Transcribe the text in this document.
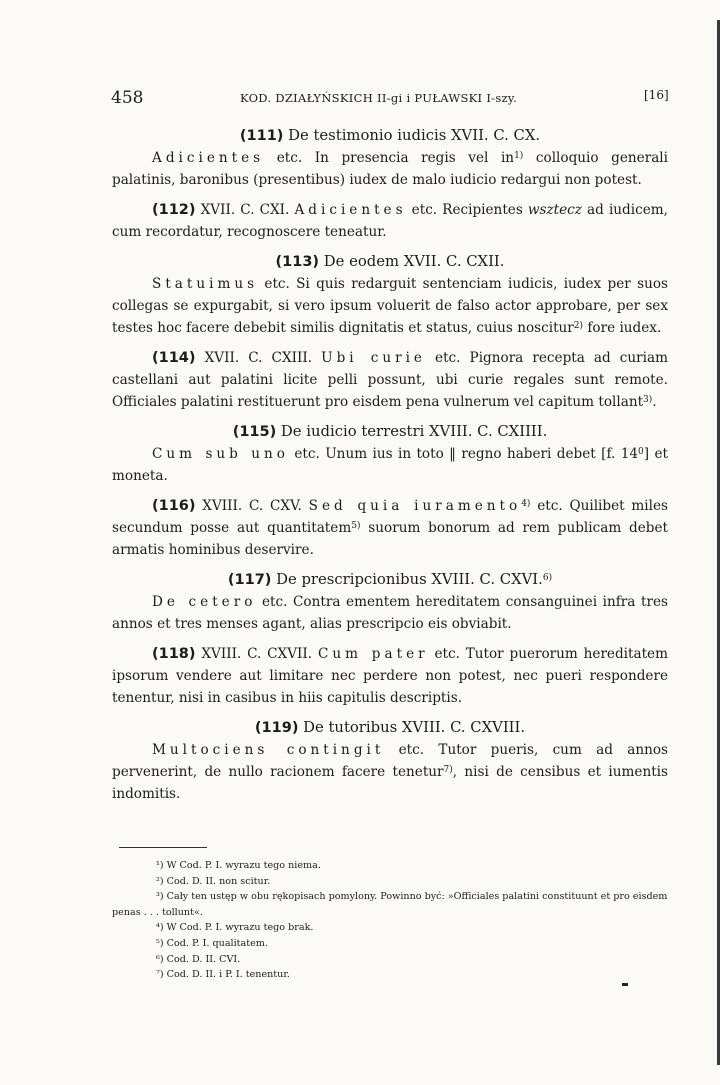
458	KOD. DZIAŁYŃSKICH II-gi i PUŁAWSKI I-szy.	[16]

(111) De testimonio iudicis XVII. C. CX.

Adicientes etc. In presencia regis vel $in^{1)}$ colloquio generali palatinis, baronibus (presentibus) iudex de malo iudicio redargui non potest.

(112) XVII. C. CXI. Adicientes etc. Recipientes wsztecz ad iudicem, cum recordatur, recognoscere teneatur.

(113) De eodem XVII. C. CXII.

Statuimus etc. Si quis redarguit sentenciam iudicis, iudex per suos collegas se expurgabit, si vero ipsum voluerit de falso actor approbare, per sex testes hoc facere debebit similis dignitatis et status, cuius noscitur$^{2)}$ fore iudex.

(114) XVII. C. CXIII. Ubi curie etc. Pignora recepta ad curiam castellani aut palatini licite pelli possunt, ubi curie regales sunt remote. Officiales palatini restituerunt pro eisdem pena vulnerum vel capitum tollant$^{3)}$.

(115) De iudicio terrestri XVIII. C. CXIIII.

Cum sub uno etc. Unum ius in toto ‖ regno haberi debet [f. $14^0$] et moneta.

(116) XVIII. C. CXV. Sed quia iuramento$^{4)}$ etc. Quilibet miles secundum posse aut quantitatem$^{5)}$ suorum bonorum ad rem publicam debet armatis hominibus deservire.

(117) De prescripcionibus XVIII. C. CXVI.$^{6)}$

De cetero etc. Contra ementem hereditatem consanguinei infra tres annos et tres menses agant, alias prescripcio eis obviabit.

(118) XVIII. C. CXVII. Cum pater etc. Tutor puerorum hereditatem ipsorum vendere aut limitare nec perdere non potest, nec pueri respondere tenentur, nisi in casibus in hiis capitulis descriptis.

(119) De tutoribus XVIII. C. CXVIII.

Multociens contingit etc. Tutor pueris, cum ad annos pervenerint, de nullo racionem facere tenetur$^{7)}$, nisi de censibus et iumentis indomitis.

¹) W Cod. P. I. wyrazu tego niema.

²) Cod. D. II. non scitur.

³) Cały ten ustęp w obu rękopisach pomylony. Powinno być: »Officiales palatini constituunt et pro eisdem penas . . . tollunt«.

⁴) W Cod. P. I. wyrazu tego brak.

⁵) Cod. P. I. qualitatem.

⁶) Cod. D. II. CVI.

⁷) Cod. D. II. i P. I. tenentur.
